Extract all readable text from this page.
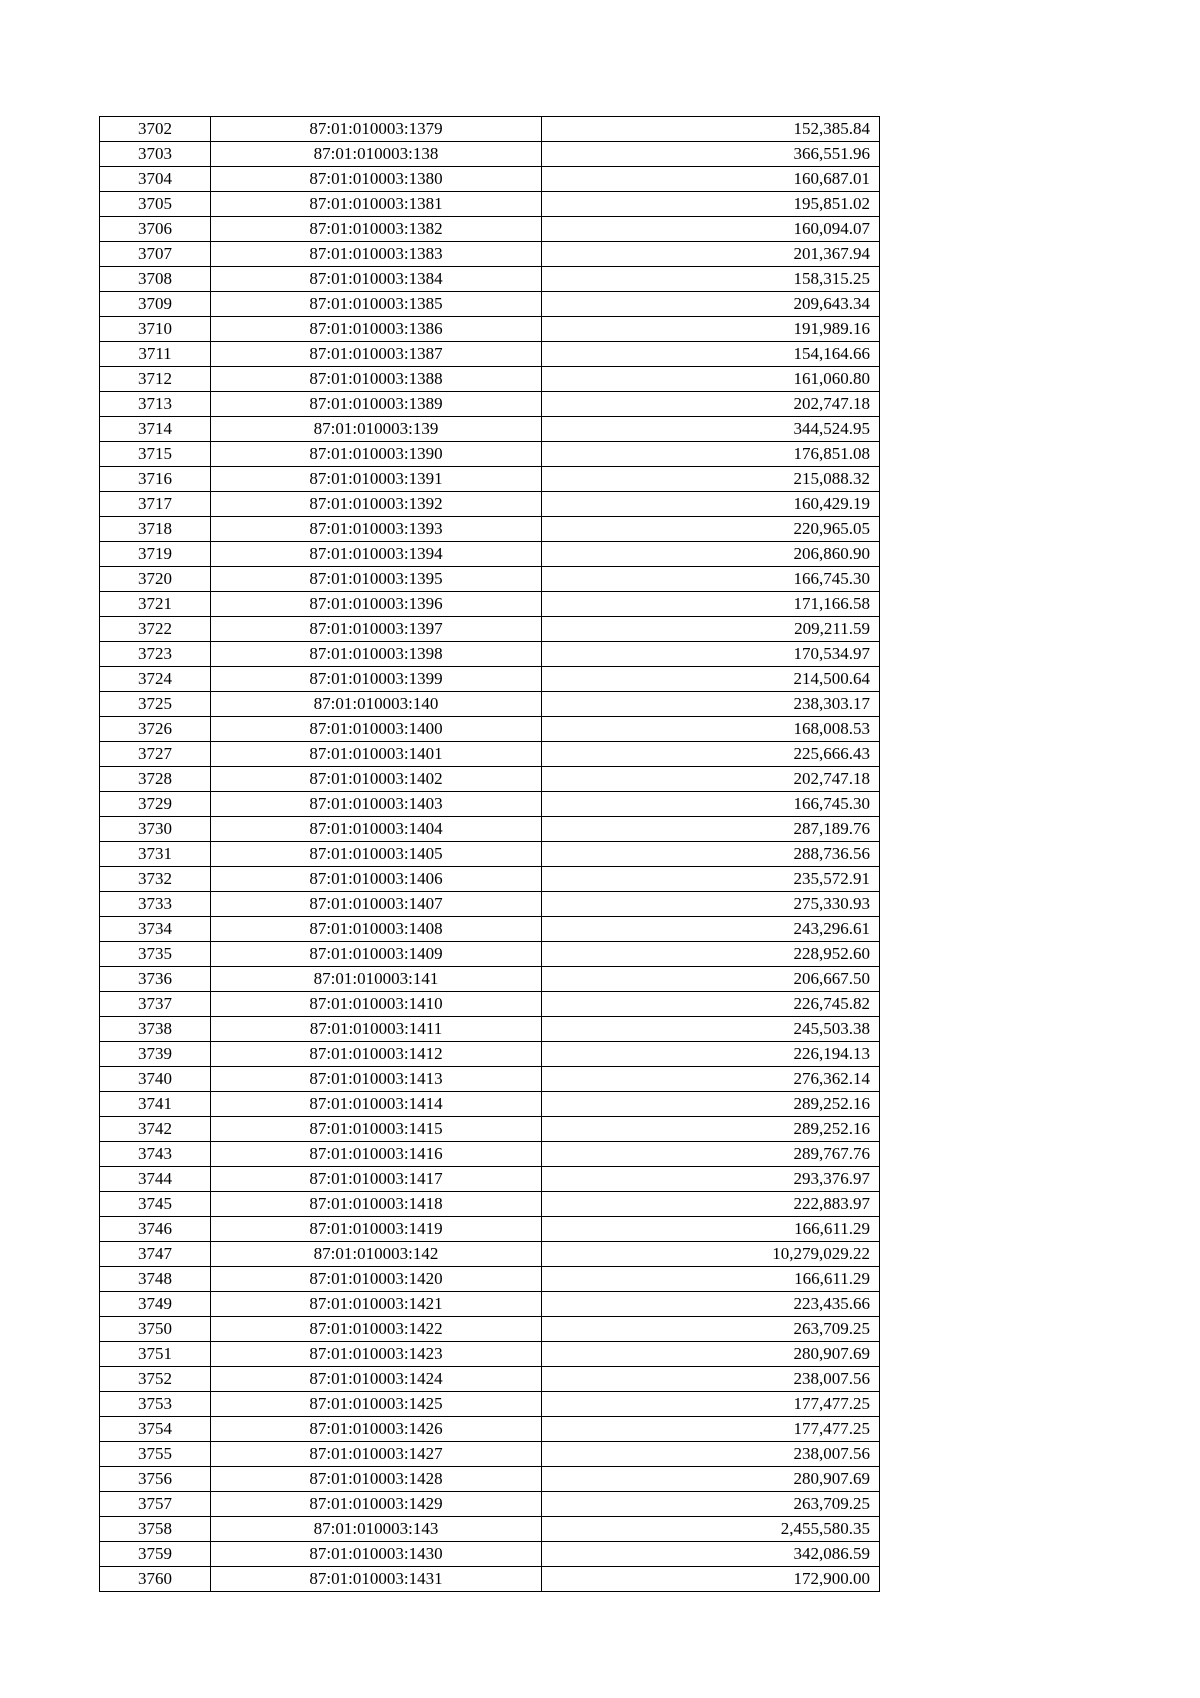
3702	87:01:010003:1379	152,385.84
3703	87:01:010003:138	366,551.96
3704	87:01:010003:1380	160,687.01
3705	87:01:010003:1381	195,851.02
3706	87:01:010003:1382	160,094.07
3707	87:01:010003:1383	201,367.94
3708	87:01:010003:1384	158,315.25
3709	87:01:010003:1385	209,643.34
3710	87:01:010003:1386	191,989.16
3711	87:01:010003:1387	154,164.66
3712	87:01:010003:1388	161,060.80
3713	87:01:010003:1389	202,747.18
3714	87:01:010003:139	344,524.95
3715	87:01:010003:1390	176,851.08
3716	87:01:010003:1391	215,088.32
3717	87:01:010003:1392	160,429.19
3718	87:01:010003:1393	220,965.05
3719	87:01:010003:1394	206,860.90
3720	87:01:010003:1395	166,745.30
3721	87:01:010003:1396	171,166.58
3722	87:01:010003:1397	209,211.59
3723	87:01:010003:1398	170,534.97
3724	87:01:010003:1399	214,500.64
3725	87:01:010003:140	238,303.17
3726	87:01:010003:1400	168,008.53
3727	87:01:010003:1401	225,666.43
3728	87:01:010003:1402	202,747.18
3729	87:01:010003:1403	166,745.30
3730	87:01:010003:1404	287,189.76
3731	87:01:010003:1405	288,736.56
3732	87:01:010003:1406	235,572.91
3733	87:01:010003:1407	275,330.93
3734	87:01:010003:1408	243,296.61
3735	87:01:010003:1409	228,952.60
3736	87:01:010003:141	206,667.50
3737	87:01:010003:1410	226,745.82
3738	87:01:010003:1411	245,503.38
3739	87:01:010003:1412	226,194.13
3740	87:01:010003:1413	276,362.14
3741	87:01:010003:1414	289,252.16
3742	87:01:010003:1415	289,252.16
3743	87:01:010003:1416	289,767.76
3744	87:01:010003:1417	293,376.97
3745	87:01:010003:1418	222,883.97
3746	87:01:010003:1419	166,611.29
3747	87:01:010003:142	10,279,029.22
3748	87:01:010003:1420	166,611.29
3749	87:01:010003:1421	223,435.66
3750	87:01:010003:1422	263,709.25
3751	87:01:010003:1423	280,907.69
3752	87:01:010003:1424	238,007.56
3753	87:01:010003:1425	177,477.25
3754	87:01:010003:1426	177,477.25
3755	87:01:010003:1427	238,007.56
3756	87:01:010003:1428	280,907.69
3757	87:01:010003:1429	263,709.25
3758	87:01:010003:143	2,455,580.35
3759	87:01:010003:1430	342,086.59
3760	87:01:010003:1431	172,900.00
